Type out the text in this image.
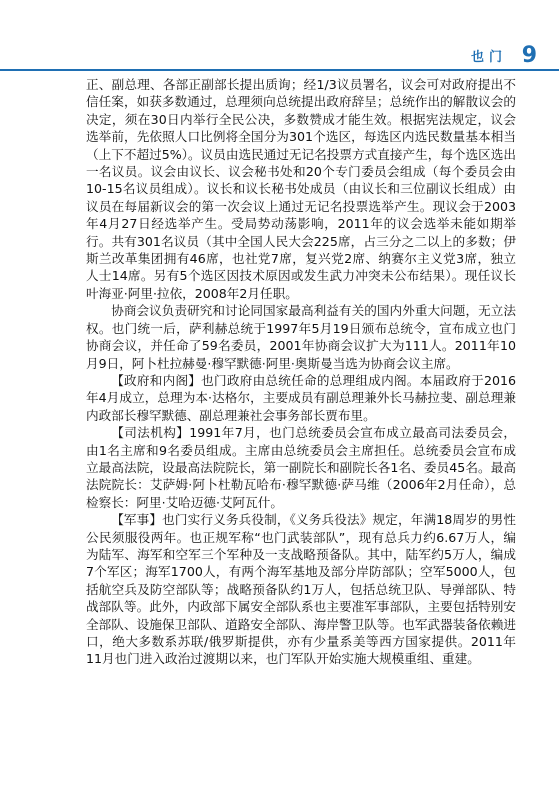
也门 9

正、副总理、各部正副部长提出质询；经1/3议员署名，议会可对政府提出不信任案，如获多数通过，总理须向总统提出政府辞呈；总统作出的解散议会的决定，须在30日内举行全民公决，多数赞成才能生效。根据宪法规定，议会选举前，先依照人口比例将全国分为301个选区，每选区内选民数量基本相当（上下不超过5%）。议员由选民通过无记名投票方式直接产生，每个选区选出一名议员。议会由议长、议会秘书处和20个专门委员会组成（每个委员会由10-15名议员组成）。议长和议长秘书处成员（由议长和三位副议长组成）由议员在每届新议会的第一次会议上通过无记名投票选举产生。现议会于2003年4月27日经选举产生。受局势动荡影响，2011年的议会选举未能如期举行。共有301名议员（其中全国人民大会225席，占三分之二以上的多数；伊斯兰改革集团拥有46席，也社党7席，复兴党2席、纳赛尔主义党3席，独立人士14席。另有5个选区因技术原因或发生武力冲突未公布结果）。现任议长叶海亚·阿里·拉依，2008年2月任职。

协商会议负责研究和讨论同国家最高利益有关的国内外重大问题，无立法权。也门统一后，萨利赫总统于1997年5月19日颁布总统令，宣布成立也门协商会议，并任命了59名委员，2001年协商会议扩大为111人。2011年10月9日，阿卜杜拉赫曼·穆罕默德·阿里·奥斯曼当选为协商会议主席。

【政府和内阁】也门政府由总统任命的总理组成内阁。本届政府于2016年4月成立，总理为本·达格尔，主要成员有副总理兼外长马赫拉斐、副总理兼内政部长穆罕默德、副总理兼社会事务部长贾布里。

【司法机构】1991年7月，也门总统委员会宣布成立最高司法委员会，由1名主席和9名委员组成。主席由总统委员会主席担任。总统委员会宣布成立最高法院，设最高法院院长，第一副院长和副院长各1名、委员45名。最高法院院长：艾萨姆·阿卜杜勒瓦哈布·穆罕默德·萨马维（2006年2月任命），总检察长：阿里·艾哈迈德·艾阿瓦什。

【军事】也门实行义务兵役制，《义务兵役法》规定，年满18周岁的男性公民须服役两年。也正规军称“也门武装部队”，现有总兵力约6.67万人，编为陆军、海军和空军三个军种及一支战略预备队。其中，陆军约5万人，编成7个军区；海军1700人，有两个海军基地及部分岸防部队；空军5000人，包括航空兵及防空部队等；战略预备队约1万人，包括总统卫队、导弹部队、特战部队等。此外，内政部下属安全部队系也主要准军事部队，主要包括特别安全部队、设施保卫部队、道路安全部队、海岸警卫队等。也军武器装备依赖进口，绝大多数系苏联/俄罗斯提供，亦有少量系美等西方国家提供。2011年11月也门进入政治过渡期以来，也门军队开始实施大规模重组、重建。
